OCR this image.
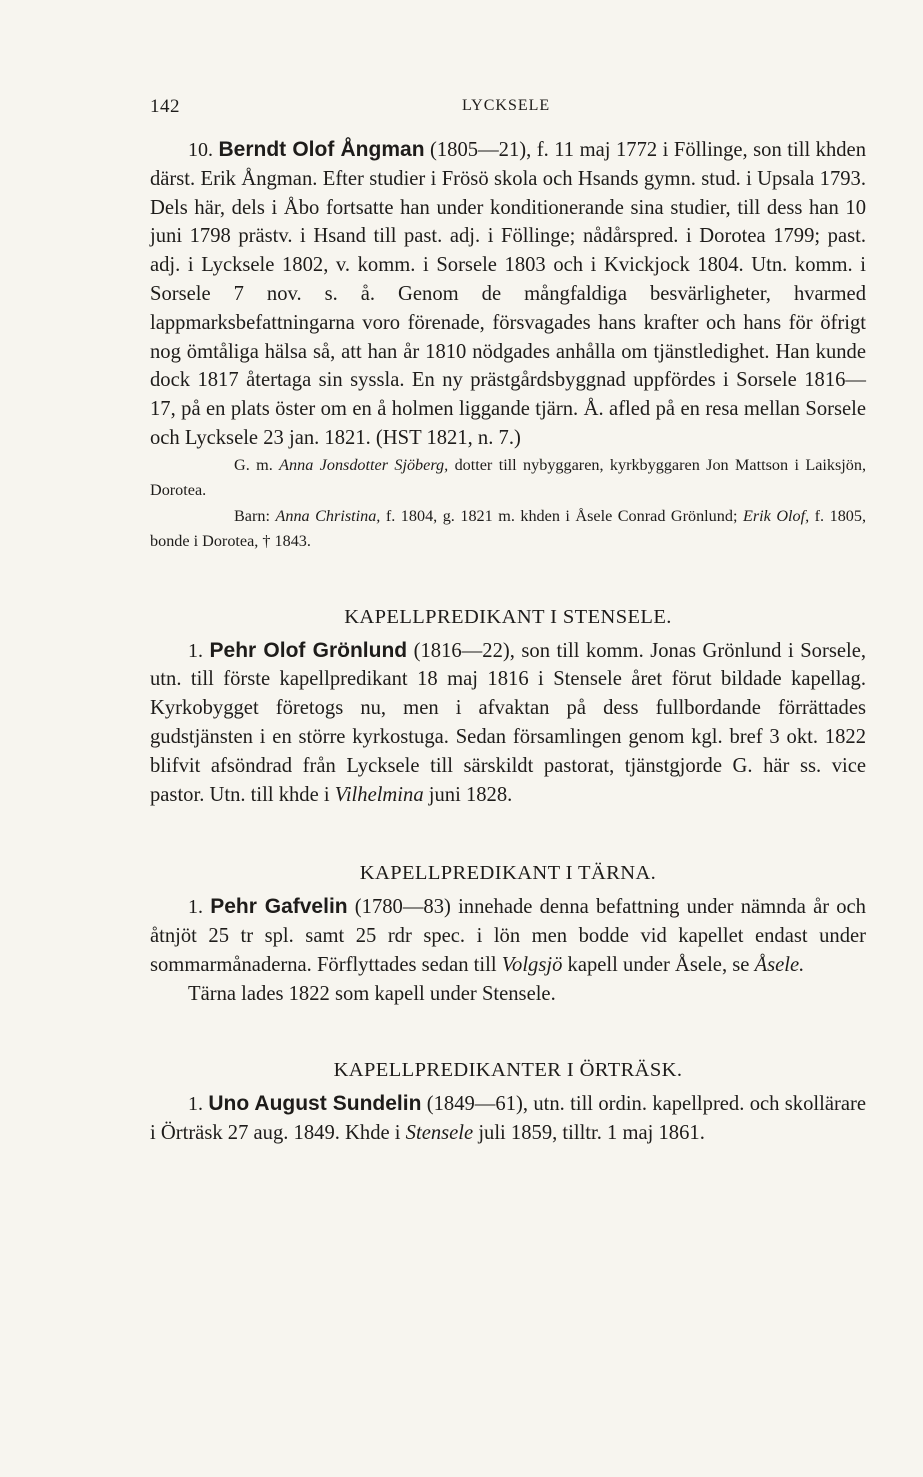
142	LYCKSELE

10. Berndt Olof Ångman (1805—21), f. 11 maj 1772 i Föllinge, son till khden därst. Erik Ångman. Efter studier i Frösö skola och Hsands gymn. stud. i Upsala 1793. Dels här, dels i Åbo fortsatte han under konditionerande sina studier, till dess han 10 juni 1798 prästv. i Hsand till past. adj. i Föllinge; nådårspred. i Dorotea 1799; past. adj. i Lycksele 1802, v. komm. i Sorsele 1803 och i Kvickjock 1804. Utn. komm. i Sorsele 7 nov. s. å. Genom de mångfaldiga besvärligheter, hvarmed lappmarksbefattningarna voro förenade, försvagades hans krafter och hans för öfrigt nog ömtåliga hälsa så, att han år 1810 nödgades anhålla om tjänstledighet. Han kunde dock 1817 återtaga sin syssla. En ny prästgårdsbyggnad uppfördes i Sorsele 1816—17, på en plats öster om en å holmen liggande tjärn. Å. afled på en resa mellan Sorsele och Lycksele 23 jan. 1821. (HST 1821, n. 7.)

G. m. Anna Jonsdotter Sjöberg, dotter till nybyggaren, kyrkbyggaren Jon Mattson i Laiksjön, Dorotea.

Barn: Anna Christina, f. 1804, g. 1821 m. khden i Åsele Conrad Grönlund; Erik Olof, f. 1805, bonde i Dorotea, † 1843.

KAPELLPREDIKANT I STENSELE.

1. Pehr Olof Grönlund (1816—22), son till komm. Jonas Grönlund i Sorsele, utn. till förste kapellpredikant 18 maj 1816 i Stensele året förut bildade kapellag. Kyrkobygget företogs nu, men i afvaktan på dess fullbordande förrättades gudstjänsten i en större kyrkostuga. Sedan församlingen genom kgl. bref 3 okt. 1822 blifvit afsöndrad från Lycksele till särskildt pastorat, tjänstgjorde G. här ss. vice pastor. Utn. till khde i Vilhelmina juni 1828.

KAPELLPREDIKANT I TÄRNA.

1. Pehr Gafvelin (1780—83) innehade denna befattning under nämnda år och åtnjöt 25 tr spl. samt 25 rdr spec. i lön men bodde vid kapellet endast under sommarmånaderna. Förflyttades sedan till Volgsjö kapell under Åsele, se Åsele.

Tärna lades 1822 som kapell under Stensele.

KAPELLPREDIKANTER I ÖRTRÄSK.

1. Uno August Sundelin (1849—61), utn. till ordin. kapellpred. och skollärare i Örträsk 27 aug. 1849. Khde i Stensele juli 1859, tilltr. 1 maj 1861.
